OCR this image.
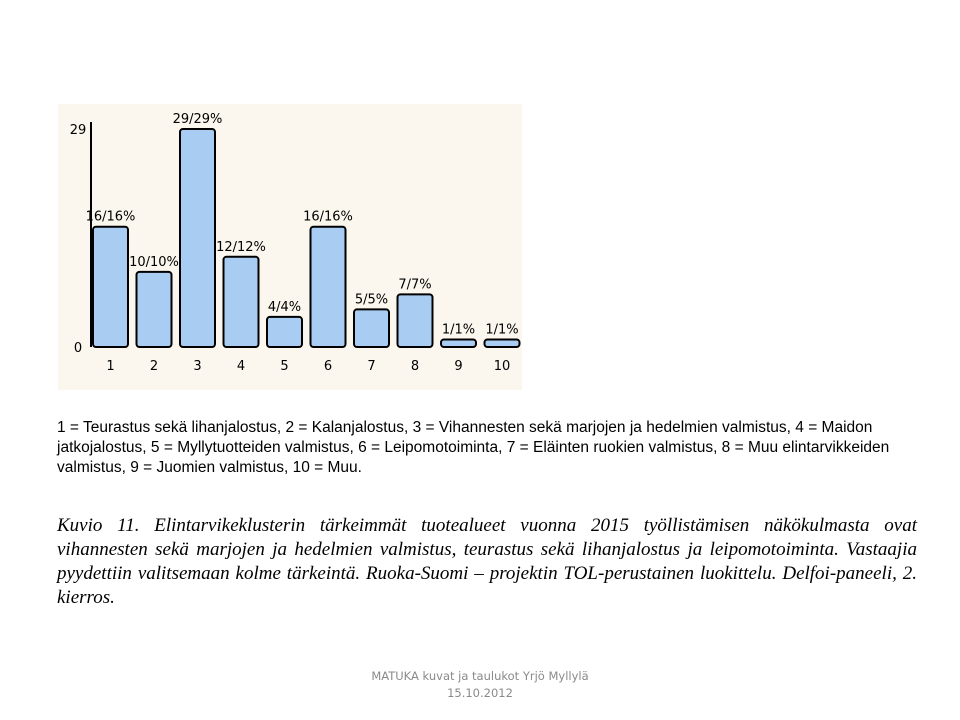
0
29
16/16%
1
10/10%
2
29/29%
3
12/12%
4
4/4%
5
16/16%
6
5/5%
7
7/7%
8
1/1%
9
1/1%
10

1 = Teurastus sekä lihanjalostus, 2 = Kalanjalostus, 3 = Vihannesten sekä marjojen ja hedelmien valmistus, 4 = Maidon jatkojalostus, 5 = Myllytuotteiden valmistus, 6 = Leipomotoiminta, 7 = Eläinten ruokien valmistus, 8 = Muu elintarvikkeiden valmistus, 9 = Juomien valmistus, 10 = Muu.

Kuvio 11. Elintarvikeklusterin tärkeimmät tuotealueet vuonna 2015 työllistämisen näkökulmasta ovat vihannesten sekä marjojen ja hedelmien valmistus, teurastus sekä lihanjalostus ja leipomotoiminta. Vastaajia pyydettiin valitsemaan kolme tärkeintä. Ruoka-Suomi – projektin TOL-perustainen luokittelu. Delfoi-paneeli, 2. kierros.

MATUKA kuvat ja taulukot Yrjö Myllylä
15.10.2012
